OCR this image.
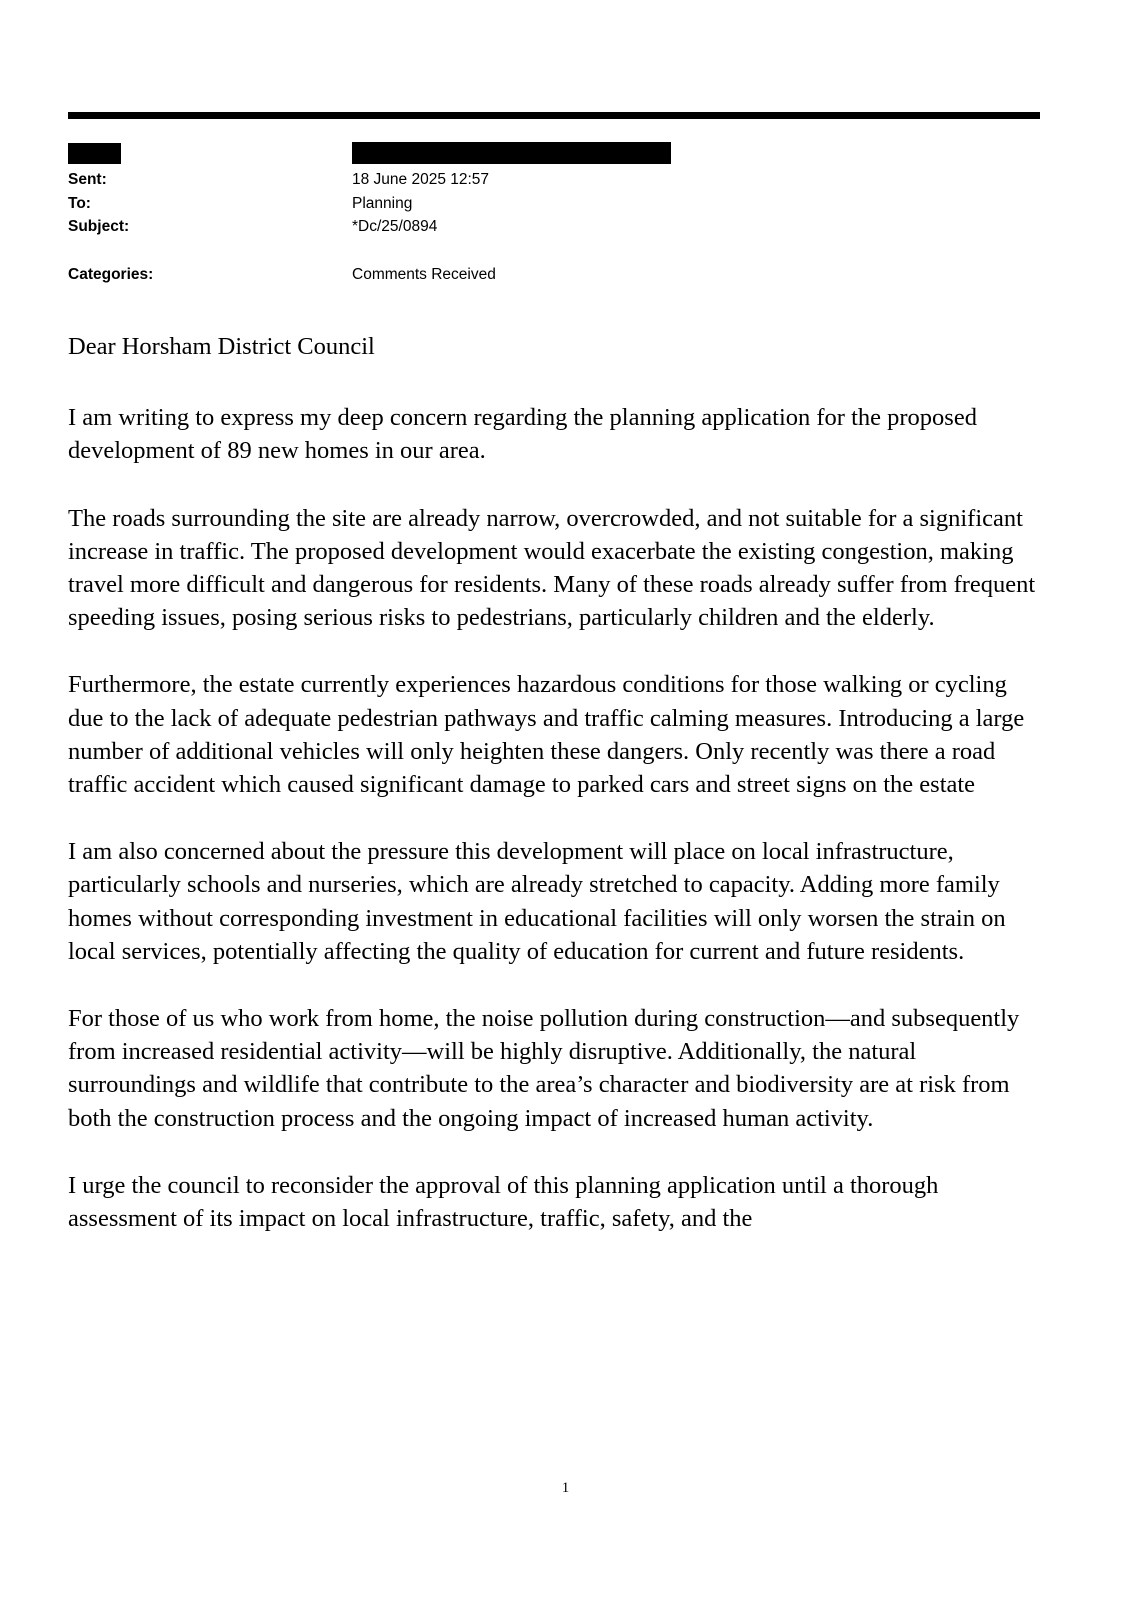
Sent:	18 June 2025 12:57
To:	Planning
Subject:	*Dc/25/0894
Categories:	Comments Received

Dear Horsham District Council

I am writing to express my deep concern regarding the planning application for the proposed development of 89 new homes in our area.

The roads surrounding the site are already narrow, overcrowded, and not suitable for a significant increase in traffic. The proposed development would exacerbate the existing congestion, making travel more difficult and dangerous for residents. Many of these roads already suffer from frequent speeding issues, posing serious risks to pedestrians, particularly children and the elderly.

Furthermore, the estate currently experiences hazardous conditions for those walking or cycling due to the lack of adequate pedestrian pathways and traffic calming measures. Introducing a large number of additional vehicles will only heighten these dangers. Only recently was there a road traffic accident which caused significant damage to parked cars and street signs on the estate

I am also concerned about the pressure this development will place on local infrastructure, particularly schools and nurseries, which are already stretched to capacity. Adding more family homes without corresponding investment in educational facilities will only worsen the strain on local services, potentially affecting the quality of education for current and future residents.

For those of us who work from home, the noise pollution during construction—and subsequently from increased residential activity—will be highly disruptive. Additionally, the natural surroundings and wildlife that contribute to the area’s character and biodiversity are at risk from both the construction process and the ongoing impact of increased human activity.

I urge the council to reconsider the approval of this planning application until a thorough assessment of its impact on local infrastructure, traffic, safety, and the

1
